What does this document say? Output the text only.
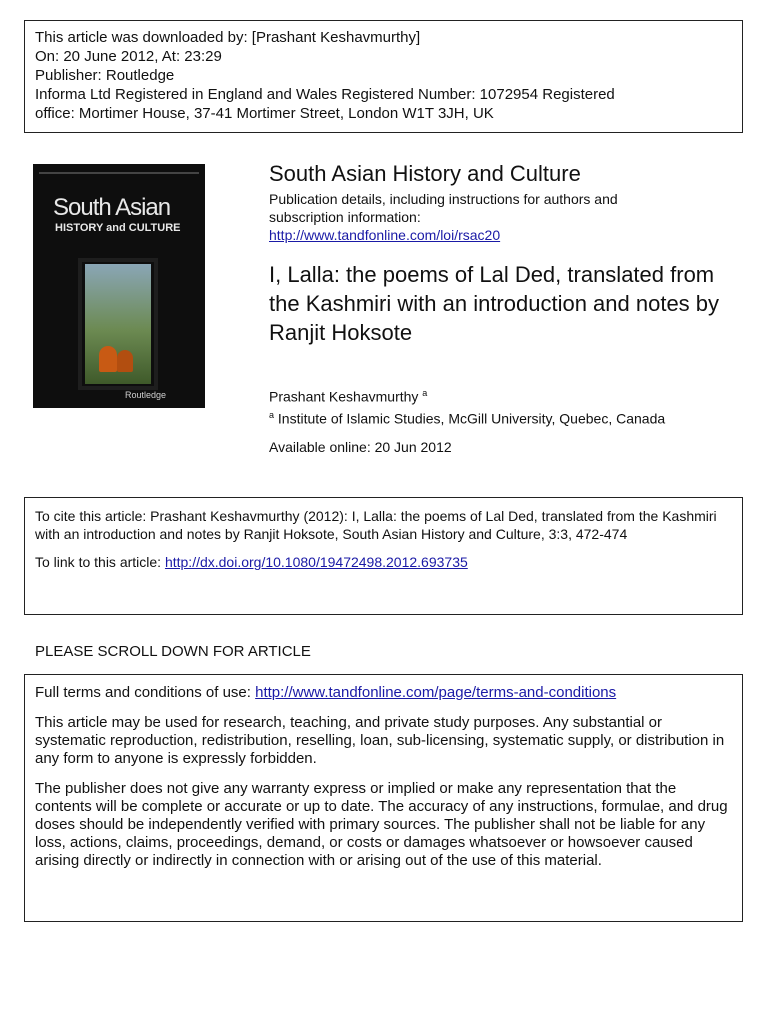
This article was downloaded by: [Prashant Keshavmurthy]
On: 20 June 2012, At: 23:29
Publisher: Routledge
Informa Ltd Registered in England and Wales Registered Number: 1072954 Registered
office: Mortimer House, 37-41 Mortimer Street, London W1T 3JH, UK
South Asian
HISTORY and CULTURE
Routledge
South Asian History and Culture
Publication details, including instructions for authors and subscription information:
http://www.tandfonline.com/loi/rsac20
I, Lalla: the poems of Lal Ded, translated from the Kashmiri with an introduction and notes by Ranjit Hoksote
Prashant Keshavmurthy $^a$
$^a$ Institute of Islamic Studies, McGill University, Quebec, Canada
Available online: 20 Jun 2012
To cite this article: Prashant Keshavmurthy (2012): I, Lalla: the poems of Lal Ded, translated from the Kashmiri with an introduction and notes by Ranjit Hoksote, South Asian History and Culture, 3:3, 472-474
To link to this article: http://dx.doi.org/10.1080/19472498.2012.693735
PLEASE SCROLL DOWN FOR ARTICLE

Full terms and conditions of use: http://www.tandfonline.com/page/terms-and-conditions

This article may be used for research, teaching, and private study purposes. Any substantial or systematic reproduction, redistribution, reselling, loan, sub-licensing, systematic supply, or distribution in any form to anyone is expressly forbidden.

The publisher does not give any warranty express or implied or make any representation that the contents will be complete or accurate or up to date. The accuracy of any instructions, formulae, and drug doses should be independently verified with primary sources. The publisher shall not be liable for any loss, actions, claims, proceedings, demand, or costs or damages whatsoever or howsoever caused arising directly or indirectly in connection with or arising out of the use of this material.
